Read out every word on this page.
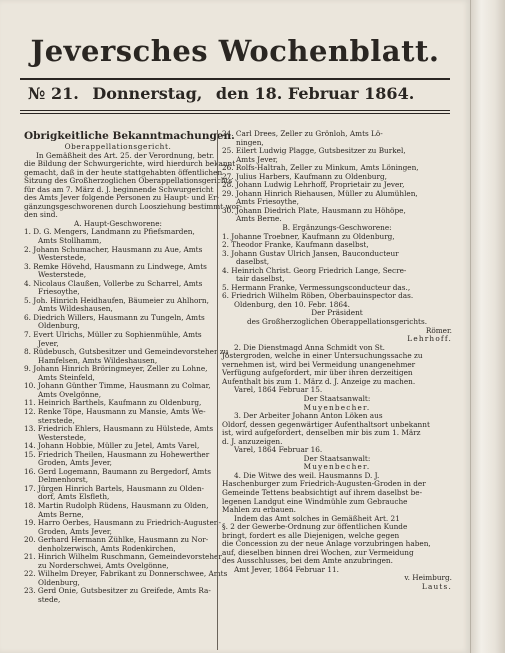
Jeversches Wochenblatt.
№ 21. Donnerstag, den 18. Februar 1864.
Obrigkeitliche Bekanntmachungen.
Oberappellationsgericht.
In Gemäßheit des Art. 25. der Verordnung, betr.
die Bildung der Schwurgerichte, wird hierdurch bekannt
gemacht, daß in der heute stattgehabten öffentlichen
Sitzung des Großherzoglichen Oberappellationsgerichts
für das am 7. März d. J. beginnende Schwurgericht
des Amts Jever folgende Personen zu Haupt- und Er-
gänzungsgeschworenen durch Loosziehung bestimmt wor-
den sind.
A. Haupt-Geschworene:
1. D. G. Mengers, Landmann zu Pfiefsmarden,
Amts Stollhamm,
2. Johann Schumacher, Hausmann zu Aue, Amts
Westerstede,
3. Remke Hövehd, Hausmann zu Lindwege, Amts
Westerstede,
4. Nicolaus Claußen, Vollerbe zu Scharrel, Amts
Friesoythe,
5. Joh. Hinrich Heidhaufen, Bäumeier zu Ahlhorn,
Amts Wildeshausen,
6. Diedrich Willers, Hausmann zu Tungeln, Amts
Oldenburg,
7. Evert Ulrichs, Müller zu Sophienmühle, Amts
Jever,
8. Rüdebusch, Gutsbesitzer und Gemeindevorsteher zu
Hamfelsen, Amts Wildeshausen,
9. Johann Hinrich Bröringmeyer, Zeller zu Lohne,
Amts Steinfeld,
10. Johann Günther Timme, Hausmann zu Colmar,
Amts Ovelgönne,
11. Heinrich Barthels, Kaufmann zu Oldenburg,
12. Renke Töpe, Hausmann zu Mansie, Amts We-
sterstede,
13. Friedrich Ehlers, Hausmann zu Hülstede, Amts
Westerstede,
14. Johann Hobbie, Müller zu Jetel, Amts Varel,
15. Friedrich Theilen, Hausmann zu Hohewerther
Groden, Amts Jever,
16. Gerd Logemann, Baumann zu Bergedorf, Amts
Delmenhorst,
17. Jürgen Hinrich Bartels, Hausmann zu Olden-
dorf, Amts Elsfleth,
18. Martin Rudolph Rüdens, Hausmann zu Olden,
Amts Berne,
19. Harro Oerbes, Hausmann zu Friedrich-Augusten-
Groden, Amts Jever,
20. Gerhard Hermann Zühlke, Hausmann zu Nor-
denholzerwisch, Amts Rodenkirchen,
21. Hinrich Wilhelm Ruschmann, Gemeindevorsteher
zu Norderschwei, Amts Ovelgönne,
22. Wilhelm Dreyer, Fabrikant zu Donnerschwee, Amts
Oldenburg,
23. Gerd Onie, Gutsbesitzer zu Greifede, Amts Ra-
stede,
24. Carl Drees, Zeller zu Grönloh, Amts Lö-
ningen,
25. Eilert Ludwig Plagge, Gutsbesitzer zu Burkel,
Amts Jever,
26. Rolfs-Haltrah, Zeller zu Minkum, Amts Löningen,
27. Julius Harbers, Kaufmann zu Oldenburg,
28. Johann Ludwig Lehrhoff, Proprietair zu Jever,
29. Johann Hinrich Riehausen, Müller zu Alumühlen,
Amts Friesoythe,
30. Johann Diedrich Plate, Hausmann zu Höhöpe,
Amts Berne.
B. Ergänzungs-Geschworene:
1. Johanne Troebner, Kaufmann zu Oldenburg,
2. Theodor Franke, Kaufmann daselbst,
3. Johann Gustav Ulrich Jansen, Bauconducteur
daselbst,
4. Heinrich Christ. Georg Friedrich Lange, Secre-
tair daselbst,
5. Hermann Franke, Vermessungsconducteur das.,
6. Friedrich Wilhelm Röben, Oberbauinspector das.
Oldenburg, den 10. Febr. 1864.
Der Präsident
des Großherzoglichen Oberappellationsgerichts.
Römer.
Lehrhoff.
2. Die Dienstmagd Anna Schmidt von St.
Jöstergroden, welche in einer Untersuchungssache zu
vernehmen ist, wird bei Vermeidung unangenehmer
Verfügung aufgefordert, mir über ihren derzeitigen
Aufenthalt bis zum 1. März d. J. Anzeige zu machen.
Varel, 1864 Februar 15.
Der Staatsanwalt:
Muyenbecher.
3. Der Arbeiter Johann Anton Löken aus
Oldorf, dessen gegenwärtiger Aufenthaltsort unbekannt
ist, wird aufgefordert, denselben mir bis zum 1. März
d. J. anzuzeigen.
Varel, 1864 Februar 16.
Der Staatsanwalt:
Muyenbecher.
4. Die Witwe des weil. Hausmanns D. J.
Haschenburger zum Friedrich-Augusten-Groden in der
Gemeinde Tettens beabsichtigt auf ihrem daselbst be-
legenen Landgut eine Windmühle zum Gebrauche
Mahlen zu erbauen.
Indem das Amt solches in Gemäßheit Art. 21
§. 2 der Gewerbe-Ordnung zur öffentlichen Kunde
bringt, fordert es alle Diejenigen, welche gegen
die Concession zu der neue Anlage vorzubringen haben,
auf, dieselben binnen drei Wochen, zur Vermeidung
des Ausschlusses, bei dem Amte anzubringen.
Amt Jever, 1864 Februar 11.
v. Heimburg.
Lauts.
